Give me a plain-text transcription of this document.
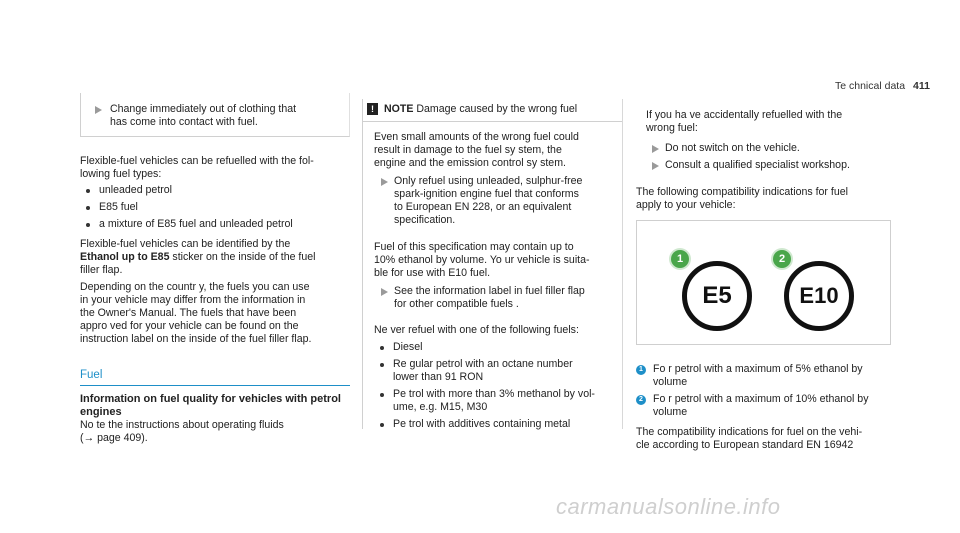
Te chnical data 411

Change immediately out of clothing that

has come into contact with fuel.

Flexible-fuel vehicles can be refuelled with the fol-

lowing fuel types:

unleaded petrol

E85 fuel

a mixture of E85 fuel and unleaded petrol

Flexible-fuel vehicles can be identified by the

Ethanol up to E85 sticker on the inside of the fuel

filler flap.

Depending on the countr y, the fuels you can use

in your vehicle may differ from the information in

the Owner's Manual. The fuels that have been

appro ved for your vehicle can be found on the

instruction label on the inside of the fuel filler flap.

Fuel

Information on fuel quality for vehicles with petrol

engines

No te the instructions about operating fluids

(→ page 409).

! NOTE Damage caused by the wrong fuel

Even small amounts of the wrong fuel could

result in damage to the fuel sy stem, the

engine and the emission control sy stem.

Only refuel using unleaded, sulphur-free

spark-ignition engine fuel that conforms

to European EN 228, or an equivalent

specification.

Fuel of this specification may contain up to

10% ethanol by volume. Yo ur vehicle is suita-

ble for use with E10 fuel.

See the information label in fuel filler flap

for other compatible fuels .

Ne ver refuel with one of the following fuels:

Diesel

Re gular petrol with an octane number

lower than 91 RON

Pe trol with more than 3% methanol by vol-

ume, e.g. M15, M30

Pe trol with additives containing metal

If you ha ve accidentally refuelled with the

wrong fuel:

Do not switch on the vehicle.

Consult a qualified specialist workshop.

The following compatibility indications for fuel

apply to your vehicle:

1	2
E5	E10
1 Fo r petrol with a maximum of 5% ethanol by

volume

2 Fo r petrol with a maximum of 10% ethanol by

volume

The compatibility indications for fuel on the vehi-

cle according to European standard EN 16942

carmanualsonline.info
